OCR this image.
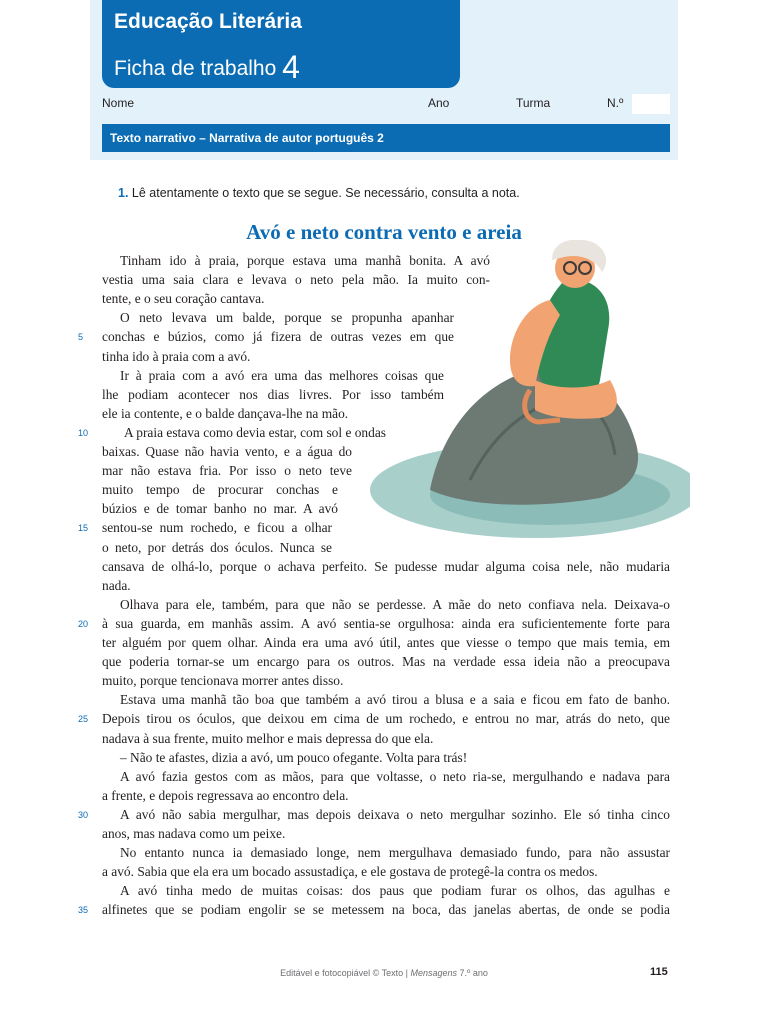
Educação Literária
Ficha de trabalho 4
Nome	Ano	Turma	N.º
Texto narrativo – Narrativa de autor português 2
1. Lê atentamente o texto que se segue. Se necessário, consulta a nota.
Avó e neto contra vento e areia
Tinham ido à praia, porque estava uma manhã bonita. A avó
vestia uma saia clara e levava o neto pela mão. Ia muito con-
tente, e o seu coração cantava.
O neto levava um balde, porque se propunha apanhar
conchas e búzios, como já fizera de outras vezes em que
tinha ido à praia com a avó.
Ir à praia com a avó era uma das melhores coisas que
lhe podiam acontecer nos dias livres. Por isso também
ele ia contente, e o balde dançava-lhe na mão.
A praia estava como devia estar, com sol e ondas
baixas. Quase não havia vento, e a água do
mar não estava fria. Por isso o neto teve
muito tempo de procurar conchas e
búzios e de tomar banho no mar. A avó
sentou-se num rochedo, e ficou a olhar
o neto, por detrás dos óculos. Nunca se
cansava de olhá-lo, porque o achava perfeito. Se pudesse mudar alguma coisa nele, não mudaria
nada.
Olhava para ele, também, para que não se perdesse. A mãe do neto confiava nela. Deixava-o
à sua guarda, em manhãs assim. A avó sentia-se orgulhosa: ainda era suficientemente forte para
ter alguém por quem olhar. Ainda era uma avó útil, antes que viesse o tempo que mais temia, em
que poderia tornar-se um encargo para os outros. Mas na verdade essa ideia não a preocupava
muito, porque tencionava morrer antes disso.
Estava uma manhã tão boa que também a avó tirou a blusa e a saia e ficou em fato de banho.
Depois tirou os óculos, que deixou em cima de um rochedo, e entrou no mar, atrás do neto, que
nadava à sua frente, muito melhor e mais depressa do que ela.
– Não te afastes, dizia a avó, um pouco ofegante. Volta para trás!
A avó fazia gestos com as mãos, para que voltasse, o neto ria-se, mergulhando e nadava para
a frente, e depois regressava ao encontro dela.
A avó não sabia mergulhar, mas depois deixava o neto mergulhar sozinho. Ele só tinha cinco
anos, mas nadava como um peixe.
No entanto nunca ia demasiado longe, nem mergulhava demasiado fundo, para não assustar
a avó. Sabia que ela era um bocado assustadiça, e ele gostava de protegê-la contra os medos.
A avó tinha medo de muitas coisas: dos paus que podiam furar os olhos, das agulhas e
alfinetes que se podiam engolir se se metessem na boca, das janelas abertas, de onde se podia
5
10
15
20
25
30
35
Editável e fotocopiável © Texto | Mensagens 7.º ano	115
